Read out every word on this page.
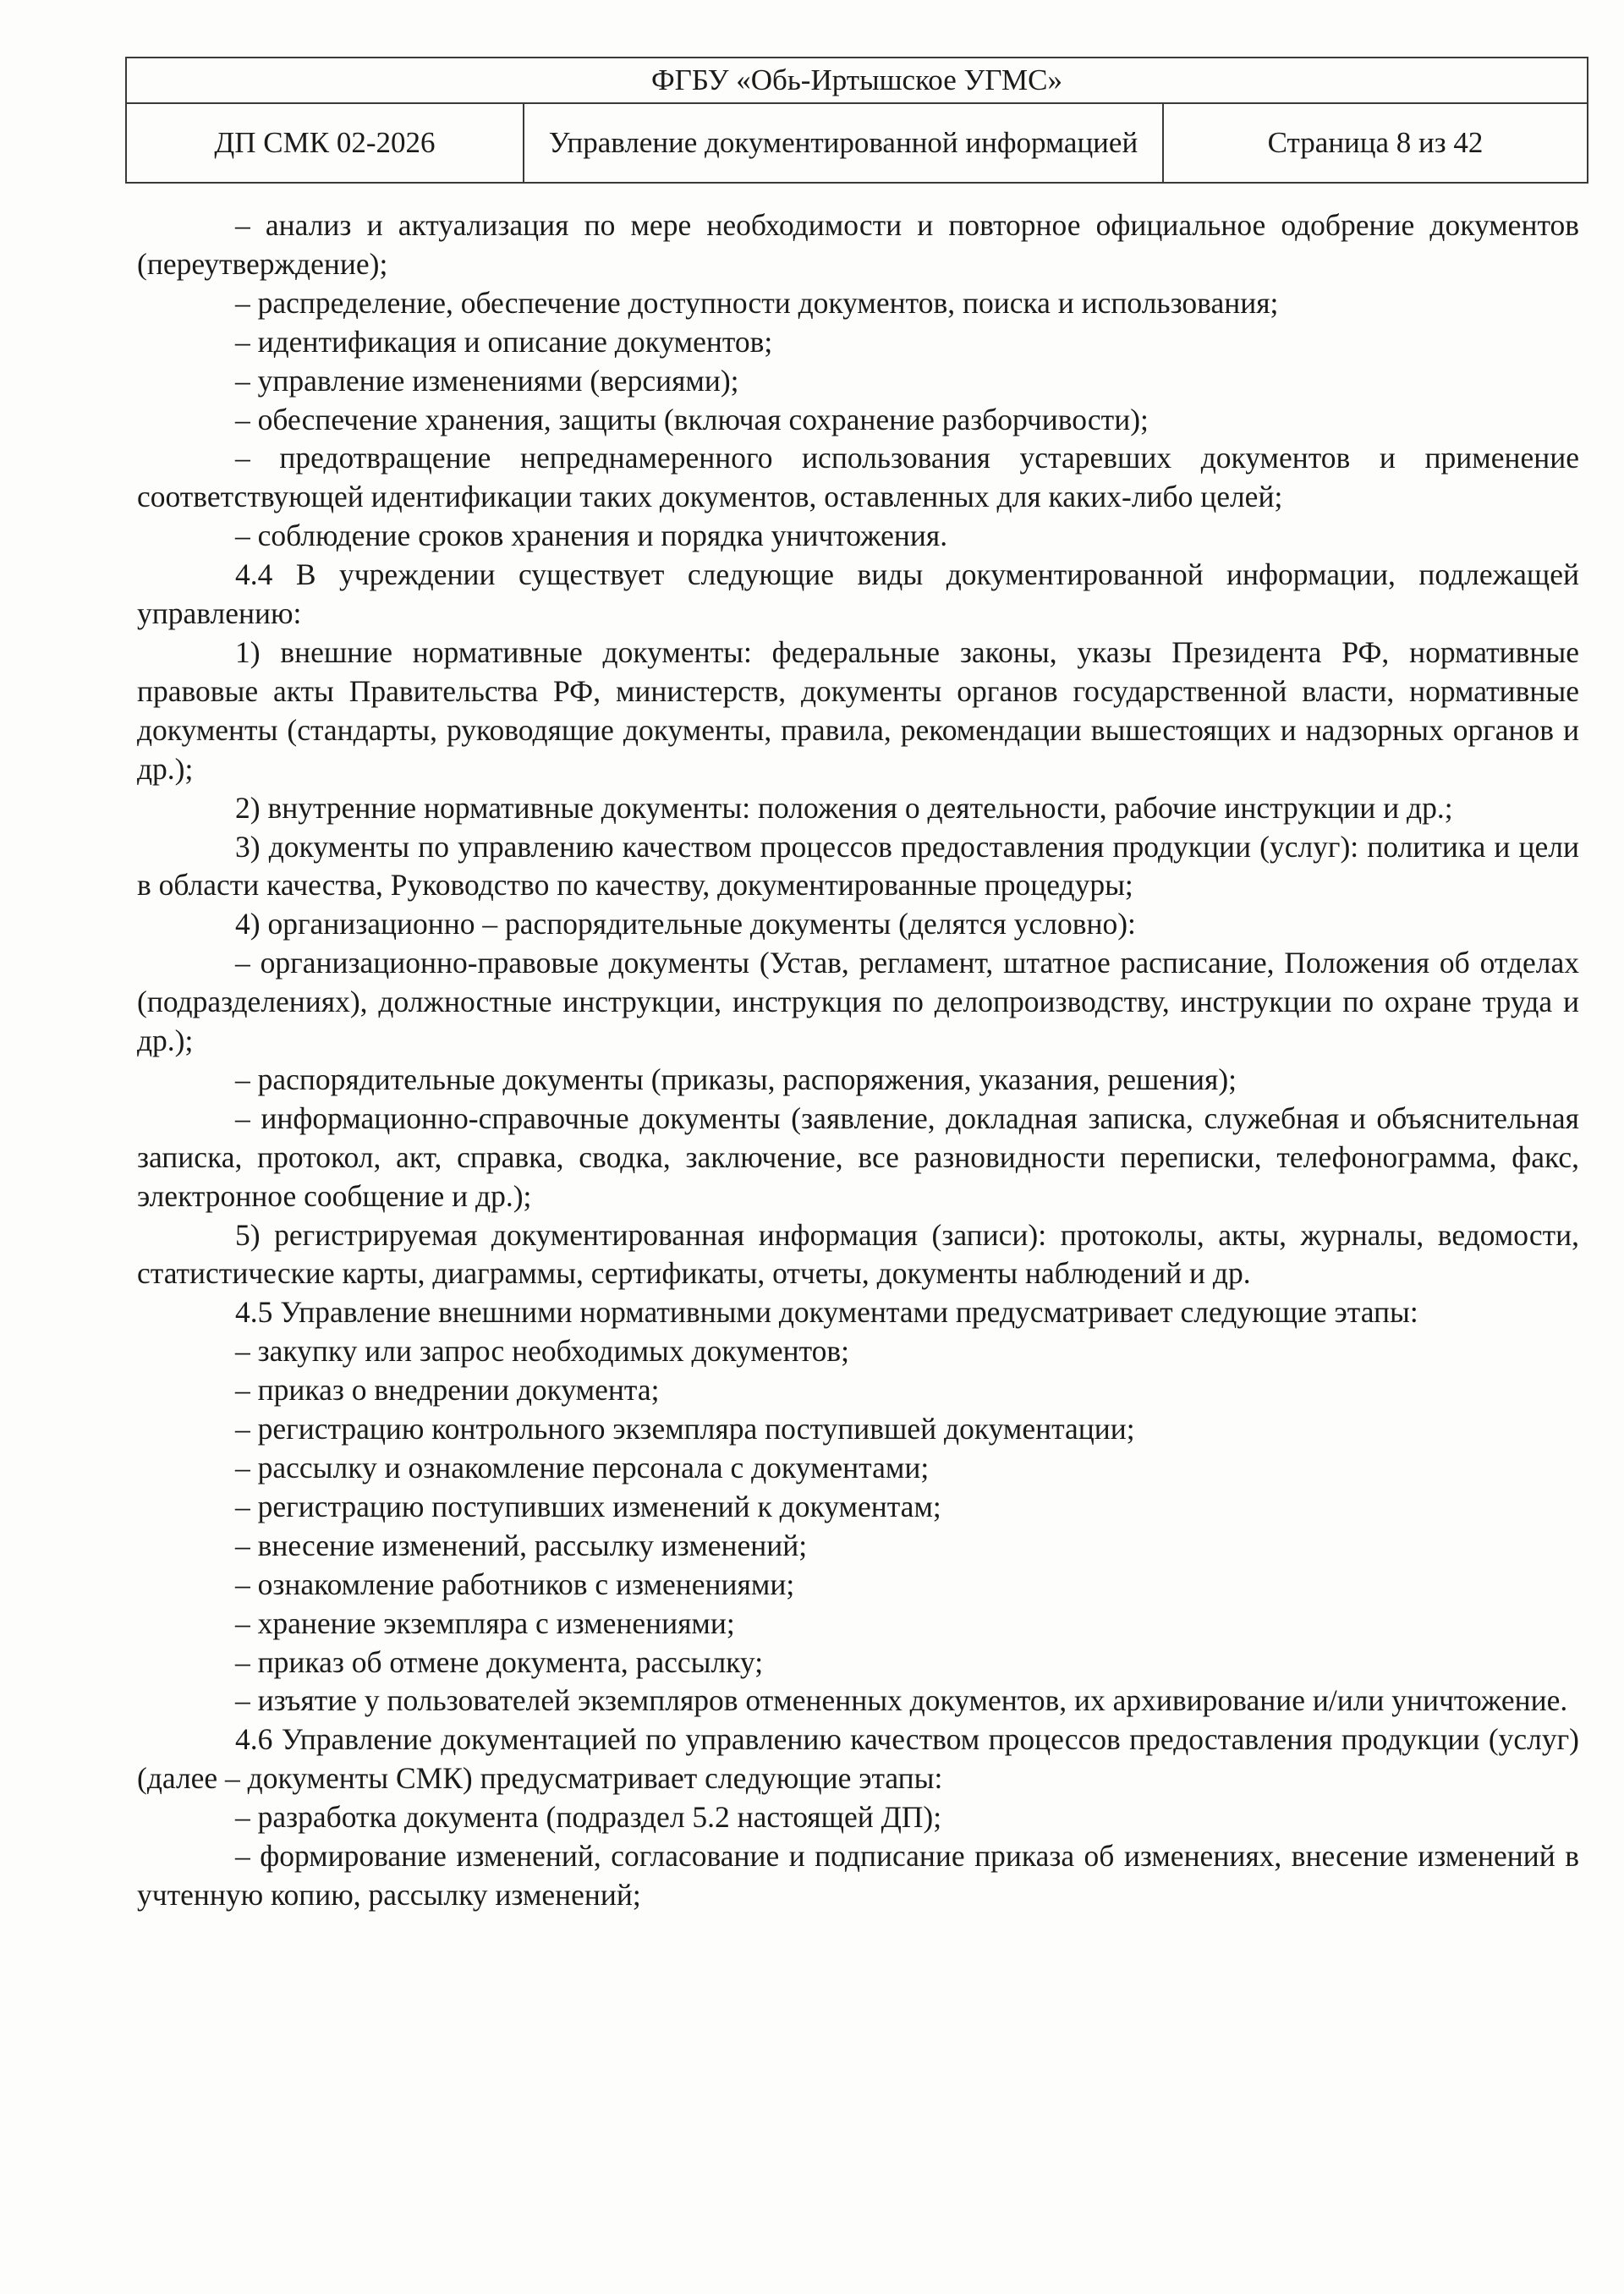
ФГБУ «Обь-Иртышское УГМС»
ДП СМК 02-2026	Управление документированной информацией	Страница 8 из 42

– анализ и актуализация по мере необходимости и повторное официальное одобрение документов (переутверждение);

– распределение, обеспечение доступности документов, поиска и использования;

– идентификация и описание документов;

– управление изменениями (версиями);

– обеспечение хранения, защиты (включая сохранение разборчивости);

– предотвращение непреднамеренного использования устаревших документов и применение соответствующей идентификации таких документов, оставленных для каких-либо целей;

– соблюдение сроков хранения и порядка уничтожения.

4.4 В учреждении существует следующие виды документированной информации, подлежащей управлению:

1) внешние нормативные документы: федеральные законы, указы Президента РФ, нормативные правовые акты Правительства РФ, министерств, документы органов государственной власти, нормативные документы (стандарты, руководящие документы, правила, рекомендации вышестоящих и надзорных органов и др.);

2) внутренние нормативные документы: положения о деятельности, рабочие инструкции и др.;

3) документы по управлению качеством процессов предоставления продукции (услуг): политика и цели в области качества, Руководство по качеству, документированные процедуры;

4) организационно – распорядительные документы (делятся условно):

– организационно-правовые документы (Устав, регламент, штатное расписание, Положения об отделах (подразделениях), должностные инструкции, инструкция по делопроизводству, инструкции по охране труда и др.);

– распорядительные документы (приказы, распоряжения, указания, решения);

– информационно-справочные документы (заявление, докладная записка, служебная и объяснительная записка, протокол, акт, справка, сводка, заключение, все разновидности переписки, телефонограмма, факс, электронное сообщение и др.);

5) регистрируемая документированная информация (записи): протоколы, акты, журналы, ведомости, статистические карты, диаграммы, сертификаты, отчеты, документы наблюдений и др.

4.5 Управление внешними нормативными документами предусматривает следующие этапы:

– закупку или запрос необходимых документов;

– приказ о внедрении документа;

– регистрацию контрольного экземпляра поступившей документации;

– рассылку и ознакомление персонала с документами;

– регистрацию поступивших изменений к документам;

– внесение изменений, рассылку изменений;

– ознакомление работников с изменениями;

– хранение экземпляра с изменениями;

– приказ об отмене документа, рассылку;

– изъятие у пользователей экземпляров отмененных документов, их архивирование и/или уничтожение.

4.6 Управление документацией по управлению качеством процессов предоставления продукции (услуг) (далее – документы СМК) предусматривает следующие этапы:

– разработка документа (подраздел 5.2 настоящей ДП);

– формирование изменений, согласование и подписание приказа об изменениях, внесение изменений в учтенную копию, рассылку изменений;
